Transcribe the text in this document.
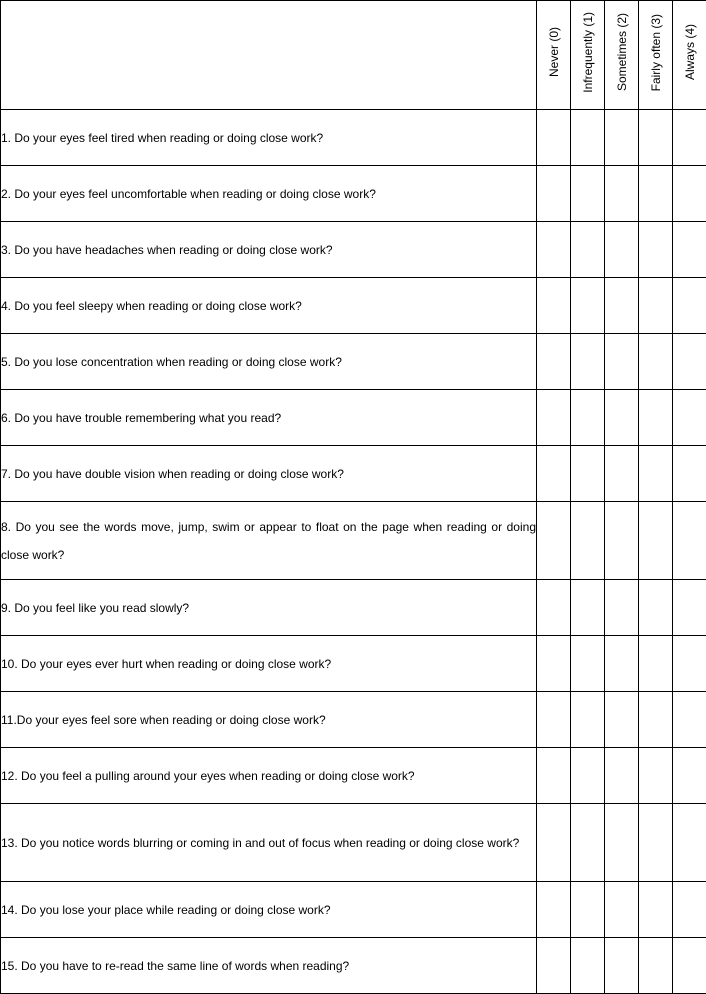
	Never (0)	Infrequently (1)	Sometimes (2)	Fairly often (3)	Always (4)
1. Do your eyes feel tired when reading or doing close work?					
2. Do your eyes feel uncomfortable when reading or doing close work?					
3. Do you have headaches when reading or doing close work?					
4. Do you feel sleepy when reading or doing close work?					
5. Do you lose concentration when reading or doing close work?					
6. Do you have trouble remembering what you read?					
7. Do you have double vision when reading or doing close work?					
8. Do you see the words move, jump, swim or appear to float on the page when reading or doing close work?					
9. Do you feel like you read slowly?					
10. Do your eyes ever hurt when reading or doing close work?					
11.Do your eyes feel sore when reading or doing close work?					
12. Do you feel a pulling around your eyes when reading or doing close work?					
13. Do you notice words blurring or coming in and out of focus when reading or doing close work?					
14. Do you lose your place while reading or doing close work?					
15. Do you have to re-read the same line of words when reading?					
